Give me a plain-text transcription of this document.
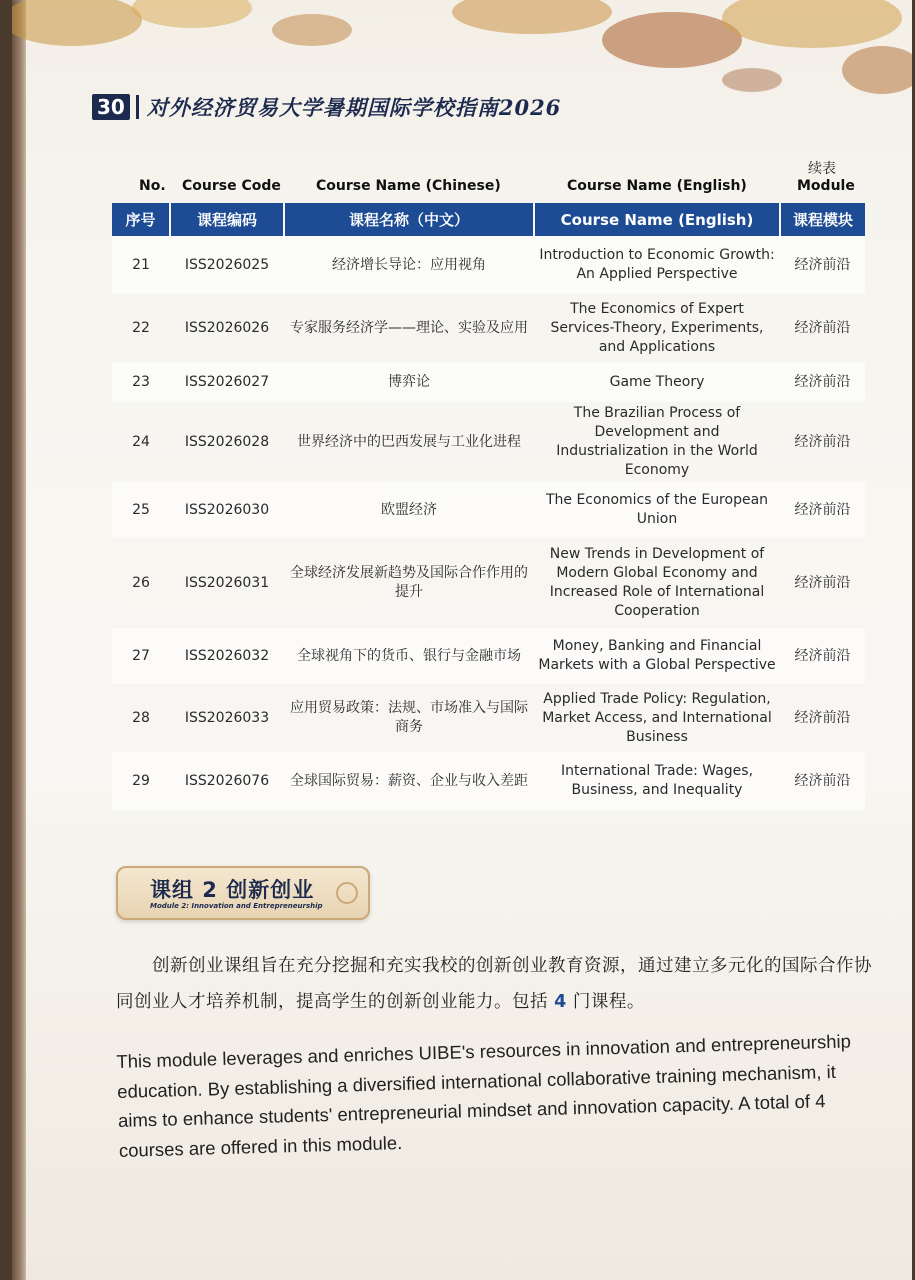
30 对外经济贸易大学暑期国际学校指南2026
续表
No. Course Code	Course Name (Chinese)	Course Name (English)	Module
序号	课程编码	课程名称（中文）	Course Name (English)	课程模块
21	ISS2026025	经济增长导论：应用视角	Introduction to Economic Growth: An Applied Perspective	经济前沿
22	ISS2026026	专家服务经济学——理论、实验及应用	The Economics of Expert Services-Theory, Experiments, and Applications	经济前沿
23	ISS2026027	博弈论	Game Theory	经济前沿
24	ISS2026028	世界经济中的巴西发展与工业化进程	The Brazilian Process of Development and Industrialization in the World Economy	经济前沿
25	ISS2026030	欧盟经济	The Economics of the European Union	经济前沿
26	ISS2026031	全球经济发展新趋势及国际合作作用的提升	New Trends in Development of Modern Global Economy and Increased Role of International Cooperation	经济前沿
27	ISS2026032	全球视角下的货币、银行与金融市场	Money, Banking and Financial Markets with a Global Perspective	经济前沿
28	ISS2026033	应用贸易政策：法规、市场准入与国际商务	Applied Trade Policy: Regulation, Market Access, and International Business	经济前沿
29	ISS2026076	全球国际贸易：薪资、企业与收入差距	International Trade: Wages, Business, and Inequality	经济前沿
课组 2 创新创业
Module 2: Innovation and Entrepreneurship
创新创业课组旨在充分挖掘和充实我校的创新创业教育资源，通过建立多元化的国际合作协同创业人才培养机制，提高学生的创新创业能力。包括 4 门课程。
This module leverages and enriches UIBE's resources in innovation and entrepreneurship education. By establishing a diversified international collaborative training mechanism, it aims to enhance students' entrepreneurial mindset and innovation capacity. A total of 4 courses are offered in this module.
